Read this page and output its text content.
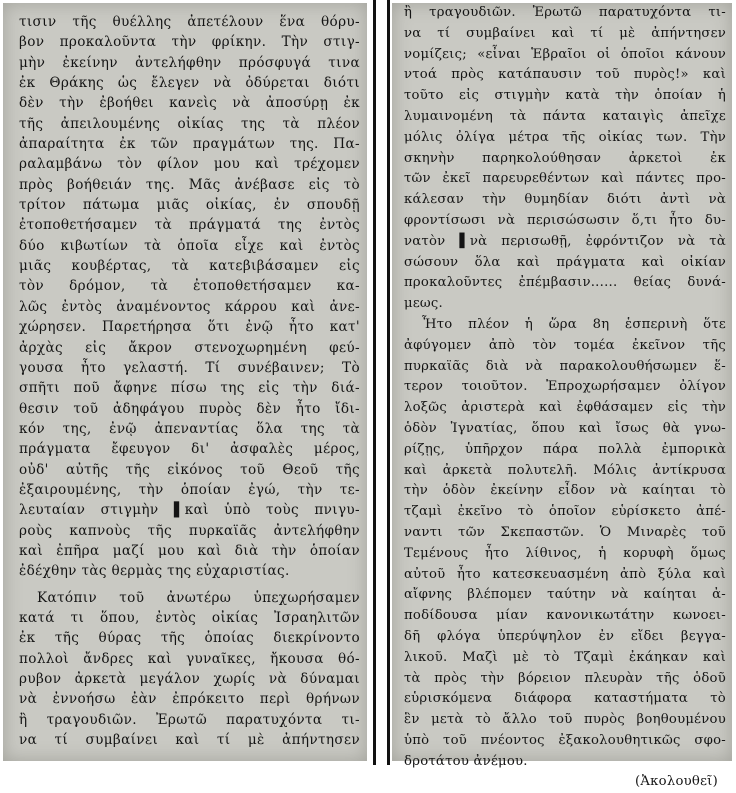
τισιν τῆς θυέλλης ἀπετέλουν ἕνα θόρυ-
βον προκαλοῦντα τὴν φρίκην. Τὴν στιγ-
μὴν ἐκείνην ἀντελήφθην πρόσφυγά τινα
ἐκ Θράκης ὡς ἔλεγεν νὰ ὀδύρεται διότι
δὲν τὴν ἐβοήθει κανεὶς νὰ ἀποσύρῃ ἐκ
τῆς ἀπειλουμένης οἰκίας της τὰ πλέον
ἀπαραίτητα ἐκ τῶν πραγμάτων της. Πα-
ραλαμβάνω τὸν φίλον μου καὶ τρέχομεν
πρὸς βοήθειάν της. Μᾶς ἀνέβασε εἰς τὸ
τρίτον πάτωμα μιᾶς οἰκίας, ἐν σπουδῇ
ἐτοποθετήσαμεν τὰ πράγματά της ἐντὸς
δύο κιβωτίων τὰ ὁποῖα εἶχε καὶ ἐντὸς
μιᾶς κουβέρτας, τὰ κατεβιβάσαμεν εἰς
τὸν δρόμον, τὰ ἐτοποθετήσαμεν κα-
λῶς ἐντὸς ἀναμένοντος κάρρου καὶ ἀνε-
χώρησεν. Παρετήρησα ὅτι ἐνῷ ἦτο κατ'
ἀρχὰς εἰς ἄκρον στενοχωρημένη φεύ-
γουσα ἦτο γελαστή. Τί συνέβαινεν; Τὸ
σπῆτι ποῦ ἄφηνε πίσω της εἰς τὴν διά-
θεσιν τοῦ ἀδηφάγου πυρὸς δὲν ἦτο ἴδι-
κόν της, ἐνῷ ἀπεναντίας ὅλα της τὰ
πράγματα ἔφευγον δι' ἀσφαλὲς μέρος,
οὐδ' αὐτῆς τῆς εἰκόνος τοῦ Θεοῦ τῆς
ἐξαιρουμένης, τὴν ὁποίαν ἐγώ, τὴν τε-
λευταίαν στιγμὴν ▌καὶ ὑπὸ τοὺς πνιγυ-
ροὺς καπνοὺς τῆς πυρκαϊᾶς ἀντελήφθην
καὶ ἐπῆρα μαζί μου καὶ διὰ τὴν ὁποίαν
ἐδέχθην τὰς θερμὰς της εὐχαριστίας.
Κατόπιν τοῦ ἀνωτέρω ὑπεχωρήσαμεν
κατά τι ὅπου, ἐντὸς οἰκίας Ἰσραηλιτῶν
ἐκ τῆς θύρας τῆς ὁποίας διεκρίνοντο
πολλοὶ ἄνδρες καὶ γυναῖκες, ἤκουσα θό-
ρυβον ἀρκετὰ μεγάλον χωρίς νὰ δύναμαι
νὰ ἐννοήσω ἐὰν ἐπρόκειτο περὶ θρήνων
ἢ τραγουδιῶν. Ἐρωτῶ παρατυχόντα τι-
να τί συμβαίνει καὶ τί μὲ ἀπήντησεν
ἢ τραγουδιῶν. Ἐρωτῶ παρατυχόντα τι-
να τί συμβαίνει καὶ τί μὲ ἀπήντησεν
νομίζεις; «εἶναι Ἑβραῖοι οἱ ὁποῖοι κάνουν
ντοά πρὸς κατάπαυσιν τοῦ πυρὸς!» καὶ
τοῦτο εἰς στιγμὴν κατὰ τὴν ὁποίαν ἡ
λυμαινομένη τὰ πάντα καταιγὶς ἀπεῖχε
μόλις ὀλίγα μέτρα τῆς οἰκίας των. Τὴν
σκηνὴν παρηκολούθησαν ἀρκετοὶ ἐκ
τῶν ἐκεῖ παρευρεθέντων καὶ πάντες προ-
κάλεσαν τὴν θυμηδίαν διότι ἀντὶ νὰ
φροντίσωσι νὰ περισώσωσιν ὅ,τι ἦτο δυ-
νατὸν ▌νὰ περισωθῇ, ἐφρόντιζον νὰ τὰ
σώσουν ὅλα καὶ πράγματα καὶ οἰκίαν
προκαλοῦντες ἐπέμβασιν...... θείας δυνά-
μεως.
Ἦτο πλέον ἡ ὥρα 8η ἑσπερινὴ ὅτε
ἀφύγομεν ἀπὸ τὸν τομέα ἐκεῖνον τῆς
πυρκαϊᾶς διὰ νὰ παρακολουθήσωμεν ἕ-
τερον τοιοῦτον. Ἐπροχωρήσαμεν ὀλίγον
λοξῶς ἀριστερὰ καὶ ἐφθάσαμεν εἰς τὴν
ὁδὸν Ἰγνατίας, ὅπου καὶ ἴσως θὰ γνω-
ρίζῃς, ὑπῆρχον πάρα πολλὰ ἐμπορικὰ
καὶ ἀρκετὰ πολυτελῆ. Μόλις ἀντίκρυσα
τὴν ὁδὸν ἐκείνην εἶδον νὰ καίηται τὸ
τζαμὶ ἐκεῖνο τὸ ὁποῖον εὑρίσκετο ἀπέ-
ναντι τῶν Σκεπαστῶν. Ὁ Μιναρὲς τοῦ
Τεμένους ἦτο λίθινος, ἡ κορυφὴ ὅμως
αὐτοῦ ἦτο κατεσκευασμένη ἀπὸ ξύλα καὶ
αἴφνης βλέπομεν ταύτην νὰ καίηται ἀ-
ποδίδουσα μίαν κανονικωτάτην κωνοει-
δῆ φλόγα ὑπερύψηλον ἐν εἴδει βεγγα-
λικοῦ. Μαζὶ μὲ τὸ Τζαμὶ ἐκάηκαν καὶ
τὰ πρὸς τὴν βόρειον πλευρὰν τῆς ὁδοῦ
εὑρισκόμενα διάφορα καταστήματα τὸ
ἓν μετὰ τὸ ἄλλο τοῦ πυρὸς βοηθουμένου
ὑπὸ τοῦ πνέοντος ἐξακολουθητικῶς σφο-
δροτάτου ἀνέμου.
(Ἀκολουθεῖ)
